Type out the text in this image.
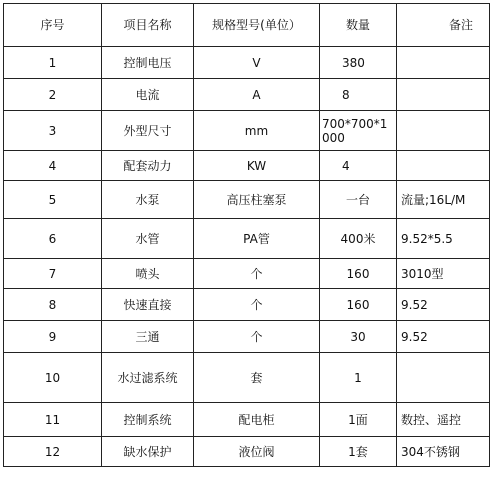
序号	项目名称	规格型号(单位）	数量	备注
1	控制电压	V	380	
2	电流	A	8	
3	外型尺寸	mm	700*700*1000	
4	配套动力	KW	4	
5	水泵	高压柱塞泵	一台	流量;16L/M
6	水管	PA管	400米	9.52*5.5
7	喷头	个	160	3010型
8	快速直接	个	160	9.52
9	三通	个	30	9.52
10	水过滤系统	套	1	
11	控制系统	配电柜	1面	数控、遥控
12	缺水保护	液位阀	1套	304不锈钢
